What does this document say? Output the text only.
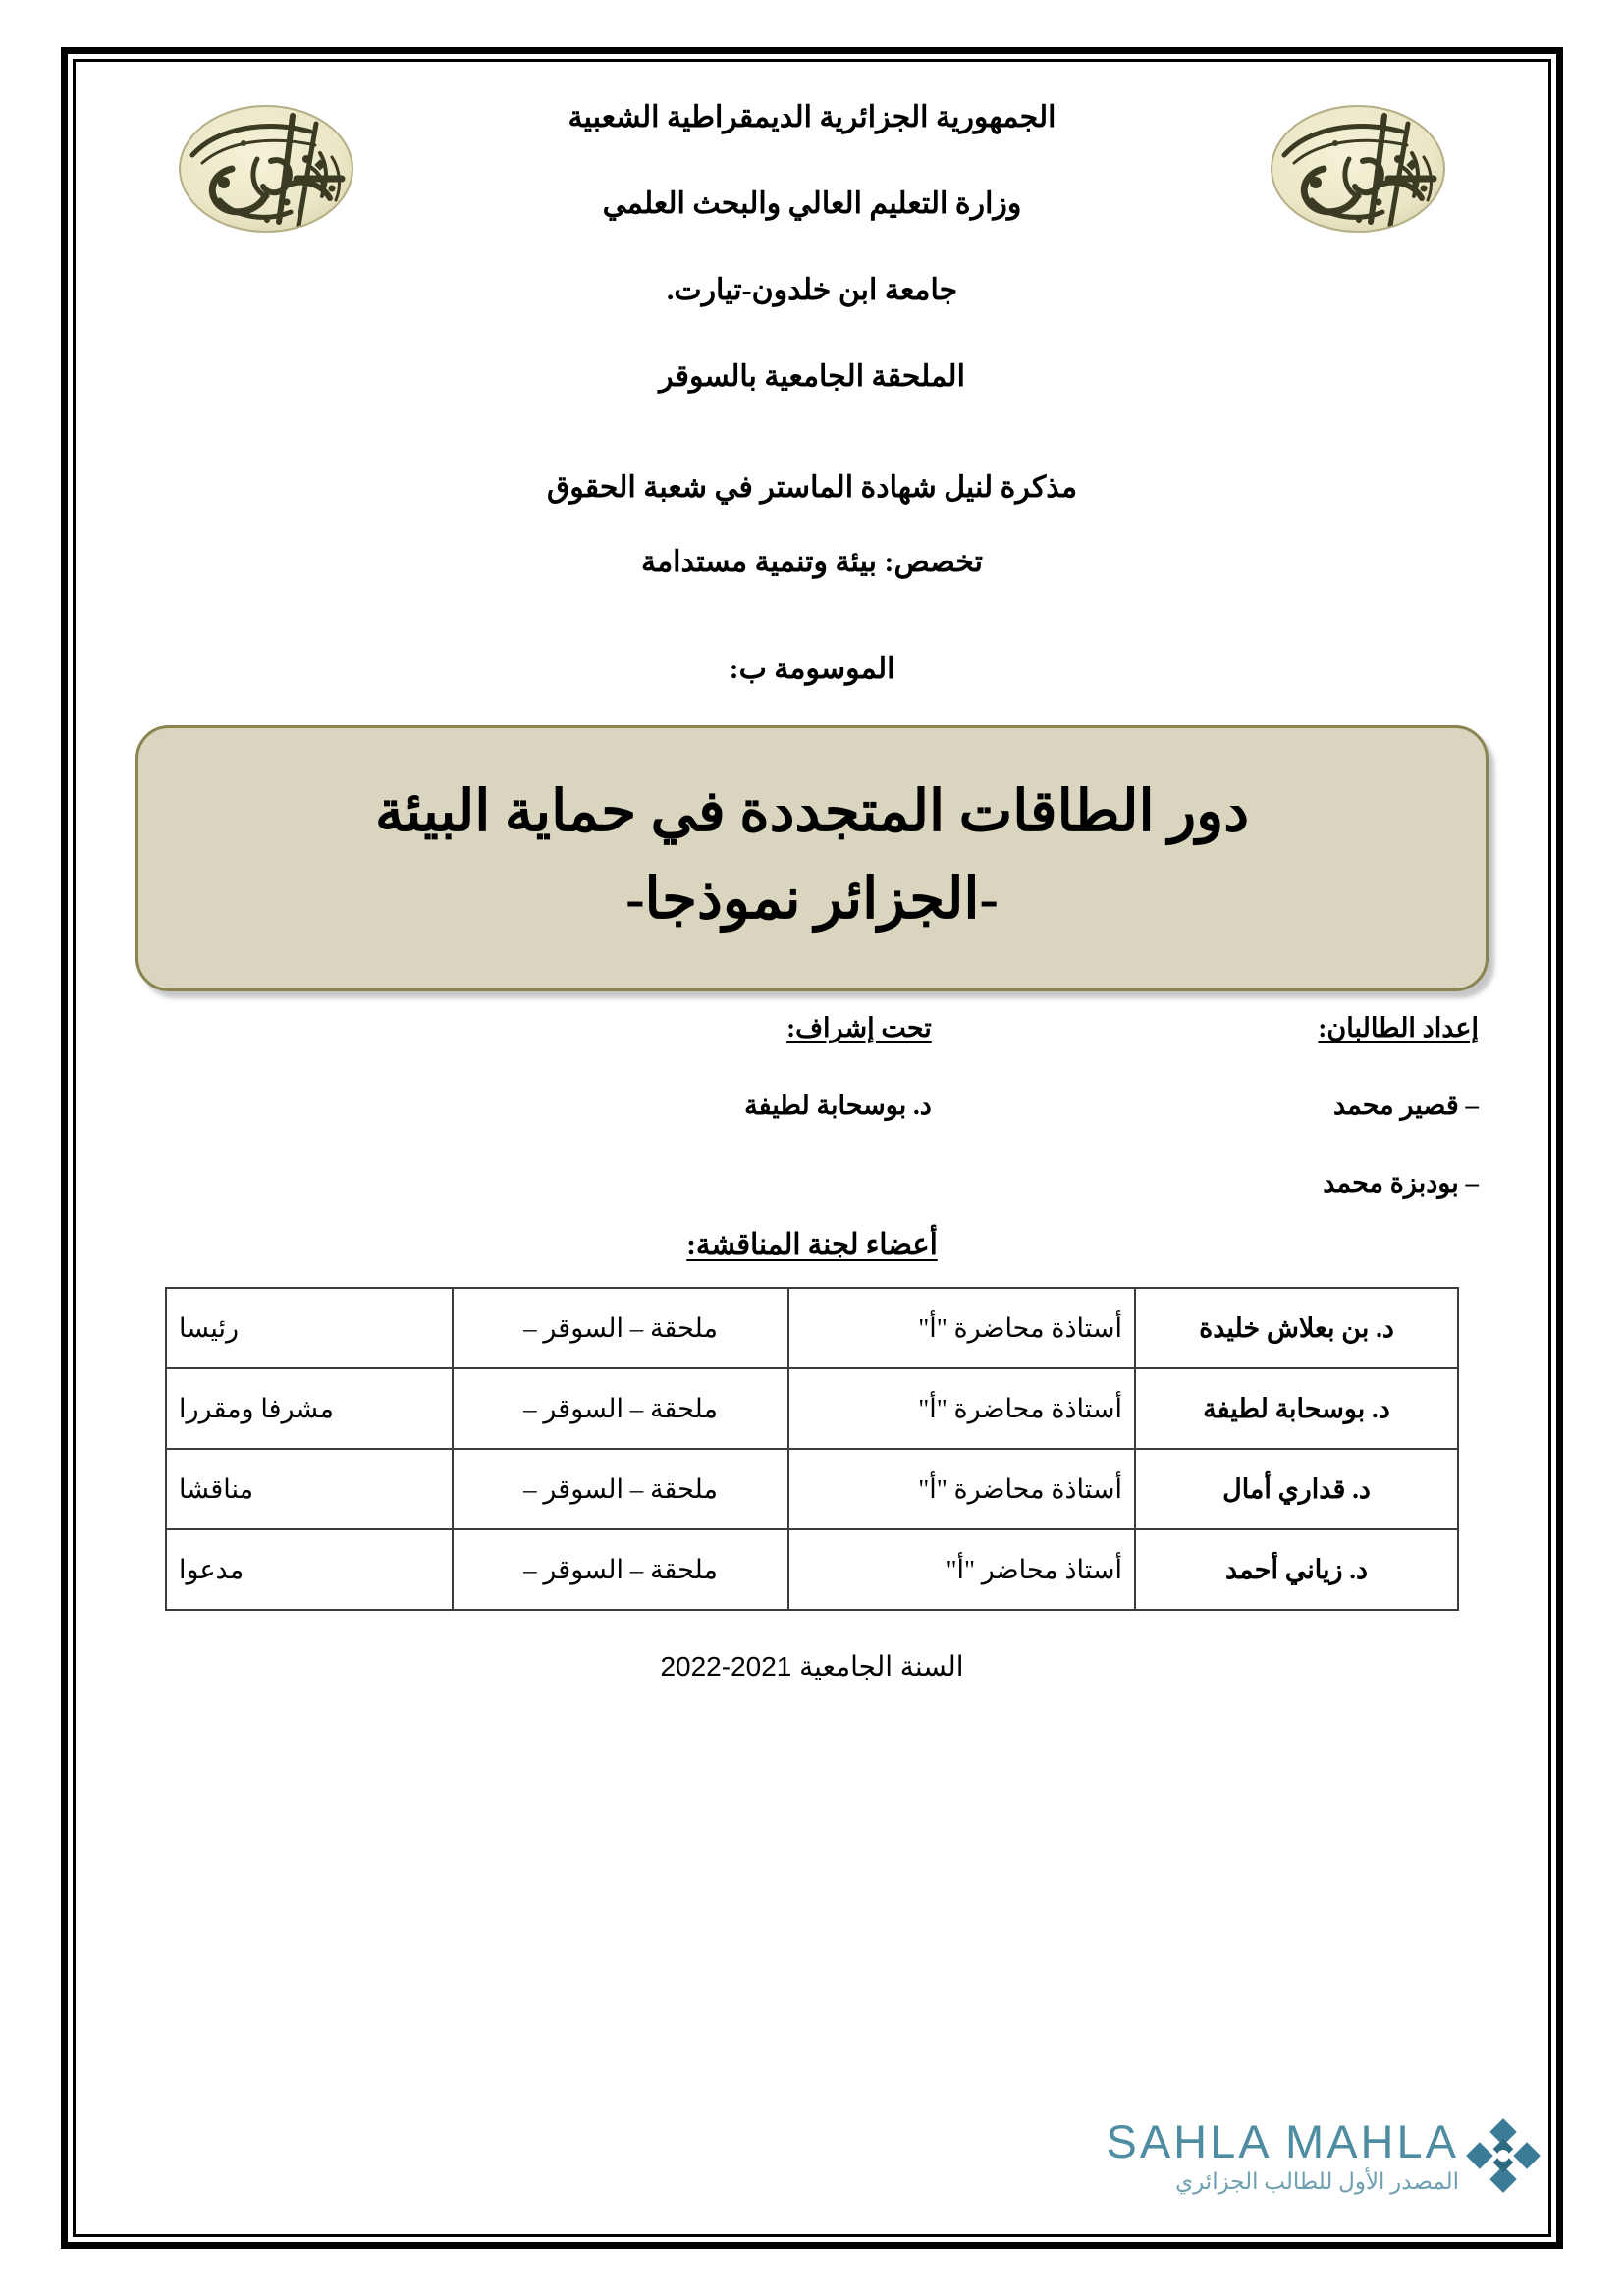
الجمهورية الجزائرية الديمقراطية الشعبية
وزارة التعليم العالي والبحث العلمي
جامعة ابن خلدون-تيارت.
الملحقة الجامعية بالسوقر
مذكرة لنيل شهادة الماستر في شعبة الحقوق
تخصص: بيئة وتنمية مستدامة
الموسومة ب:
دور الطاقات المتجددة في حماية البيئة
-الجزائر نموذجا-
إعداد الطالبان:
– قصير محمد
– بودبزة محمد
تحت إشراف:
د. بوسحابة لطيفة
أعضاء لجنة المناقشة:
د. بن بعلاش خليدة	أستاذة محاضرة "أ"	ملحقة – السوقر –	رئيسا
د. بوسحابة لطيفة	أستاذة محاضرة "أ"	ملحقة – السوقر –	مشرفا ومقررا
د. قداري أمال	أستاذة محاضرة "أ"	ملحقة – السوقر –	مناقشا
د. زياني أحمد	أستاذ محاضر "أ"	ملحقة – السوقر –	مدعوا
السنة الجامعية 2021-2022
SAHLA MAHLA
المصدر الأول للطالب الجزائري
